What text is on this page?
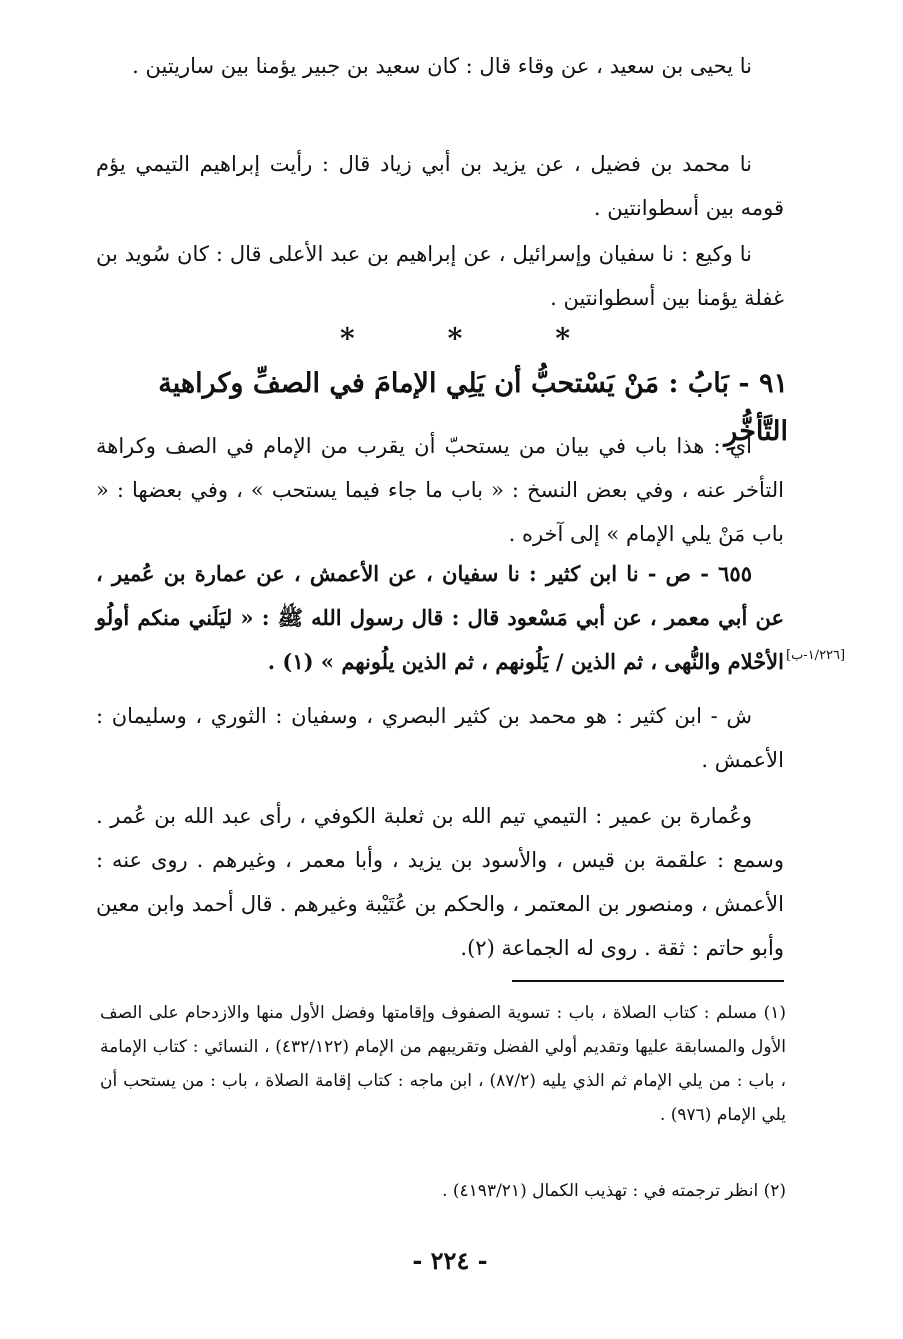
نا يحيى بن سعيد ، عن وقاء قال : كان سعيد بن جبير يؤمنا بين ساريتين .

نا محمد بن فضيل ، عن يزيد بن أبي زياد قال : رأيت إبراهيم التيمي يؤم قومه بين أسطوانتين .

نا وكيع : نا سفيان وإسرائيل ، عن إبراهيم بن عبد الأعلى قال : كان سُويد بن غفلة يؤمنا بين أسطوانتين .

*
*
*
٩١ - بَابُ : مَنْ يَسْتحبُّ أن يَلِي الإمامَ في الصفِّ وكراهية التَّأخُّرِ

أي : هذا باب في بيان من يستحبّ أن يقرب من الإمام في الصف وكراهة التأخر عنه ، وفي بعض النسخ : « باب ما جاء فيما يستحب » ، وفي بعضها : « باب مَنْ يلي الإمام » إلى آخره .

٦٥٥ - ص - نا ابن كثير : نا سفيان ، عن الأعمش ، عن عمارة بن عُمير ، عن أبي معمر ، عن أبي مَسْعود قال : قال رسول الله ﷺ : « ليَلَني منكم أولُو الأحْلام والنُّهى ، ثم الذين / يَلُونهم ، ثم الذين يلُونهم » (١) . [١/٢٢٦-ب]

ش - ابن كثير : هو محمد بن كثير البصري ، وسفيان : الثوري ، وسليمان : الأعمش .

وعُمارة بن عمير : التيمي تيم الله بن ثعلبة الكوفي ، رأى عبد الله بن عُمر . وسمع : علقمة بن قيس ، والأسود بن يزيد ، وأبا معمر ، وغيرهم . روى عنه : الأعمش ، ومنصور بن المعتمر ، والحكم بن عُتَيْبة وغيرهم . قال أحمد وابن معين وأبو حاتم : ثقة . روى له الجماعة (٢).

(١) مسلم : كتاب الصلاة ، باب : تسوية الصفوف وإقامتها وفضل الأول منها والازدحام على الصف الأول والمسابقة عليها وتقديم أولي الفضل وتقريبهم من الإمام (٤٣٢/١٢٢) ، النسائي : كتاب الإمامة ، باب : من يلي الإمام ثم الذي يليه (٨٧/٢) ، ابن ماجه : كتاب إقامة الصلاة ، باب : من يستحب أن يلي الإمام (٩٧٦) .

(٢) انظر ترجمته في : تهذيب الكمال (٤١٩٣/٢١) .

- ٢٢٤ -
